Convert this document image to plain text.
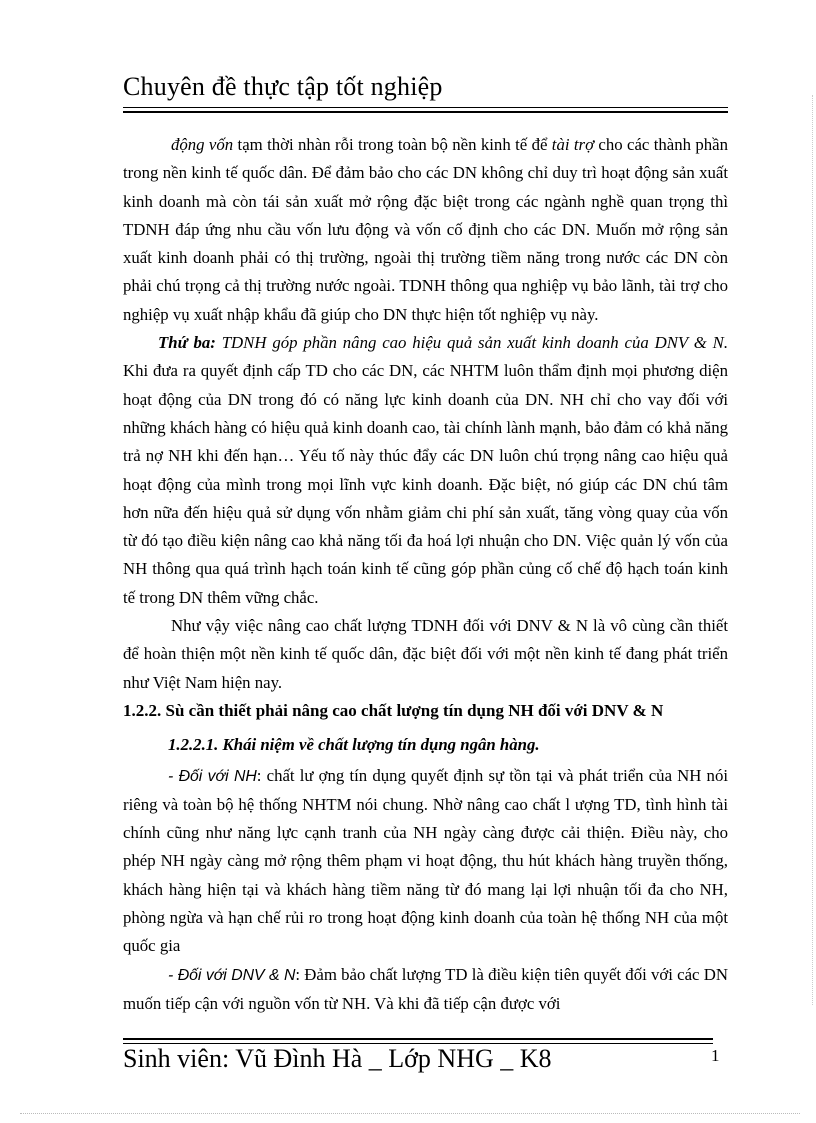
Chuyên đề thực tập tốt nghiệp

động vốn tạm thời nhàn rỗi trong toàn bộ nền kinh tế để tài trợ cho các thành phần trong nền kinh tế quốc dân. Để đảm bảo cho các DN không chỉ duy trì hoạt động sản xuất kinh doanh mà còn tái sản xuất mở rộng đặc biệt trong các ngành nghề quan trọng thì TDNH đáp ứng nhu cầu vốn lưu động và vốn cố định cho các DN. Muốn mở rộng sản xuất kinh doanh phải có thị trường, ngoài thị trường tiềm năng trong nước các DN còn phải chú trọng cả thị trường nước ngoài. TDNH thông qua nghiệp vụ bảo lãnh, tài trợ cho nghiệp vụ xuất nhập khẩu đã giúp cho DN thực hiện tốt nghiệp vụ này.

Thứ ba: TDNH góp phần nâng cao hiệu quả sản xuất kinh doanh của DNV & N. Khi đưa ra quyết định cấp TD cho các DN, các NHTM luôn thẩm định mọi phương diện hoạt động của DN trong đó có năng lực kinh doanh của DN. NH chỉ cho vay đối với những khách hàng có hiệu quả kinh doanh cao, tài chính lành mạnh, bảo đảm có khả năng trả nợ NH khi đến hạn… Yếu tố này thúc đẩy các DN luôn chú trọng nâng cao hiệu quả hoạt động của mình trong mọi lĩnh vực kinh doanh. Đặc biệt, nó giúp các DN chú tâm hơn nữa đến hiệu quả sử dụng vốn nhằm giảm chi phí sản xuất, tăng vòng quay của vốn từ đó tạo điều kiện nâng cao khả năng tối đa hoá lợi nhuận cho DN. Việc quản lý vốn của NH thông qua quá trình hạch toán kinh tế cũng góp phần củng cố chế độ hạch toán kinh tế trong DN thêm vững chắc.

Như vậy việc nâng cao chất lượng TDNH đối với DNV & N là vô cùng cần thiết để hoàn thiện một nền kinh tế quốc dân, đặc biệt đối với một nền kinh tế đang phát triển như Việt Nam hiện nay.

1.2.2. Sù cần thiết phải nâng cao chất lượng tín dụng NH đối với DNV & N

1.2.2.1. Khái niệm về chất lượng tín dụng ngân hàng.

- Đối với NH: chất lư ợng tín dụng quyết định sự tồn tại và phát triển của NH nói riêng và toàn bộ hệ thống NHTM nói chung. Nhờ nâng cao chất l ượng TD, tình hình tài chính cũng như năng lực cạnh tranh của NH ngày càng được cải thiện. Điều này, cho phép NH ngày càng mở rộng thêm phạm vi hoạt động, thu hút khách hàng truyền thống, khách hàng hiện tại và khách hàng tiềm năng từ đó mang lại lợi nhuận tối đa cho NH, phòng ngừa và hạn chế rủi ro trong hoạt động kinh doanh của toàn hệ thống NH của một quốc gia

- Đối với DNV & N: Đảm bảo chất lượng TD là điều kiện tiên quyết đối với các DN muốn tiếp cận với nguồn vốn từ NH. Và khi đã tiếp cận được với

Sinh viên: Vũ Đình Hà _ Lớp NHG _ K8	1
